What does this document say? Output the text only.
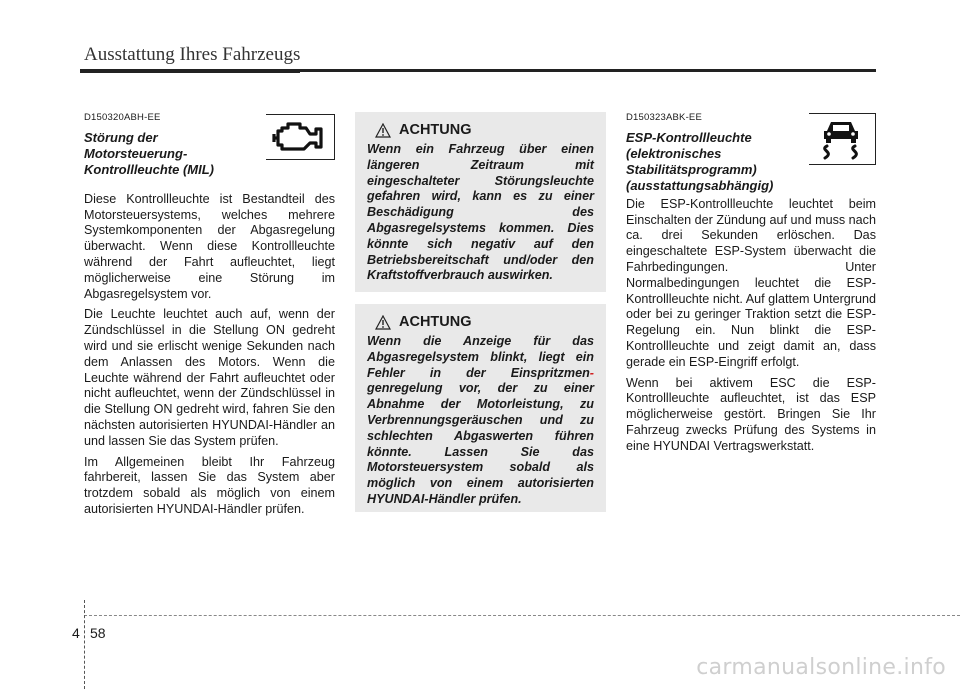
Ausstattung Ihres Fahrzeugs
D150320ABH-EE
Störung der
Motorsteuerung-
Kontrollleuchte (MIL)

Diese Kontrollleuchte ist Bestandteil des Motorsteuersystems, welches mehrere Systemkomponenten der Abgasregelung überwacht. Wenn diese Kontrollleuchte während der Fahrt aufleuchtet, liegt möglicherweise eine Störung im Abgasregelsystem vor.

Die Leuchte leuchtet auch auf, wenn der Zündschlüssel in die Stellung ON gedreht wird und sie erlischt wenige Sekunden nach dem Anlassen des Motors. Wenn die Leuchte während der Fahrt aufleuchtet oder nicht aufleuchtet, wenn der Zündschlüssel in die Stellung ON gedreht wird, fahren Sie den nächsten autorisierten HYUNDAI-Händler an und lassen Sie das System prüfen.

Im Allgemeinen bleibt Ihr Fahrzeug fahrbereit, lassen Sie das System aber trotzdem sobald als möglich von einem autorisierten HYUNDAI-Händler prüfen.

ACHTUNG

Wenn ein Fahrzeug über einen längeren Zeitraum mit eingeschalteter Störungsleuchte gefahren wird, kann es zu einer Beschädigung des Abgasregelsystems kommen. Dies könnte sich negativ auf den Betriebsbereitschaft und/oder den Kraftstoffverbrauch auswirken.

ACHTUNG

Wenn die Anzeige für das Abgasregelsystem blinkt, liegt ein Fehler in der Einspritzmen- genregelung vor, der zu einer Abnahme der Motorleistung, zu Verbrennungsgeräuschen und zu schlechten Abgaswerten führen könnte. Lassen Sie das Motorsteuersystem sobald als möglich von einem autorisierten HYUNDAI-Händler prüfen.

D150323ABK-EE
ESP-Kontrollleuchte
(elektronisches
Stabilitätsprogramm)
(ausstattungsabhängig)

Die ESP-Kontrollleuchte leuchtet beim Einschalten der Zündung auf und muss nach ca. drei Sekunden erlöschen. Das eingeschaltete ESP-System überwacht die Fahrbedingungen. Unter Normalbedingungen leuchtet die ESP-Kontrollleuchte nicht. Auf glattem Untergrund oder bei zu geringer Traktion setzt die ESP-Regelung ein. Nun blinkt die ESP-Kontrollleuchte und zeigt damit an, dass gerade ein ESP-Eingriff erfolgt.

Wenn bei aktivem ESC die ESP-Kontrollleuchte aufleuchtet, ist das ESP möglicherweise gestört. Bringen Sie Ihr Fahrzeug zwecks Prüfung des Systems in eine HYUNDAI Vertragswerkstatt.

4 58
carmanualsonline.info
